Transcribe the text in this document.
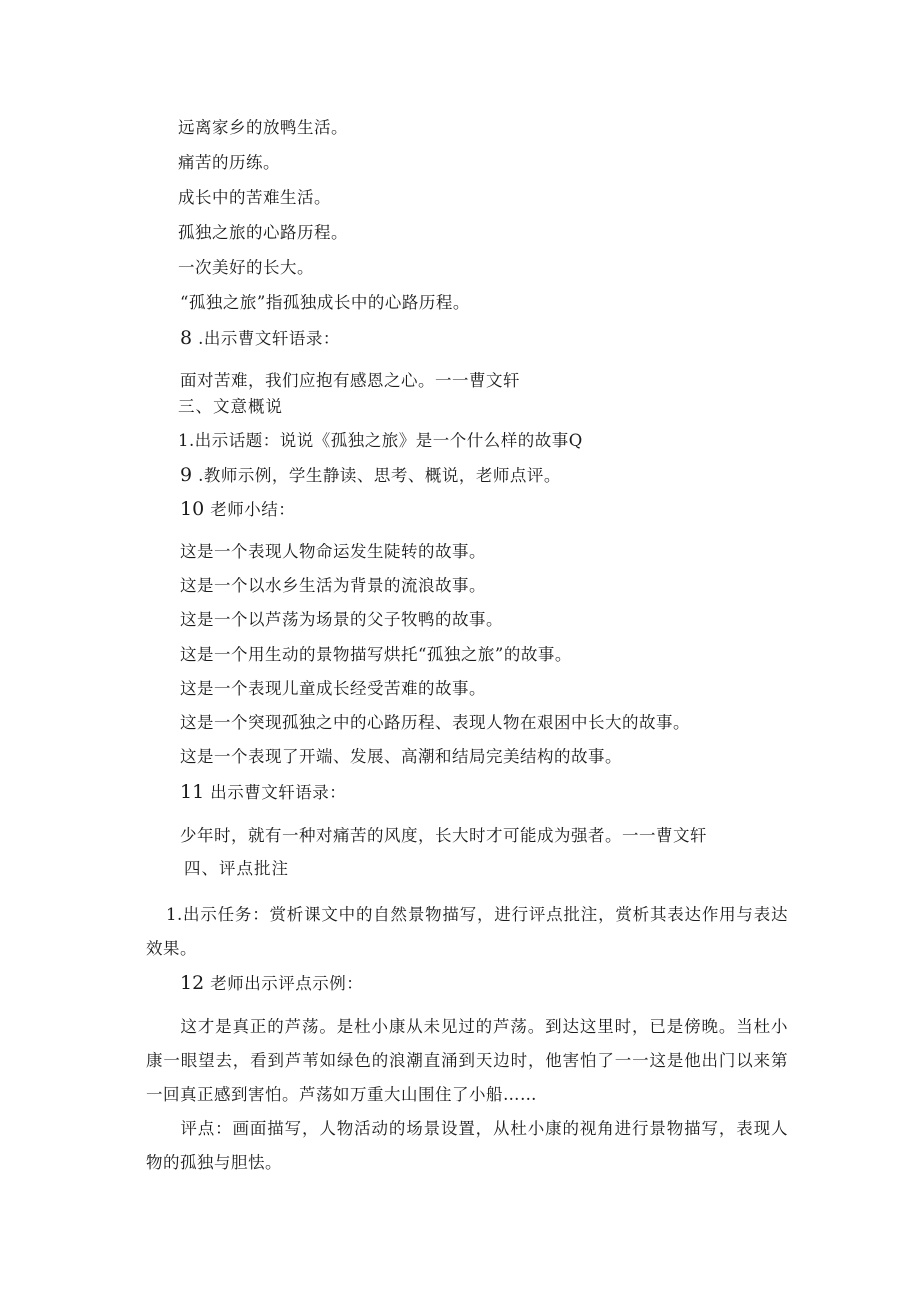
远离家乡的放鸭生活。
痛苦的历练。
成长中的苦难生活。
孤独之旅的心路历程。
一次美好的长大。
“孤独之旅”指孤独成长中的心路历程。
8 .出示曹文轩语录：
面对苦难，我们应抱有感恩之心。一一曹文轩
三、文意概说
1.出示话题：说说《孤独之旅》是一个什么样的故事Q
9 .教师示例，学生静读、思考、概说，老师点评。
10 老师小结：
这是一个表现人物命运发生陡转的故事。
这是一个以水乡生活为背景的流浪故事。
这是一个以芦荡为场景的父子牧鸭的故事。
这是一个用生动的景物描写烘托“孤独之旅”的故事。
这是一个表现儿童成长经受苦难的故事。
这是一个突现孤独之中的心路历程、表现人物在艰困中长大的故事。
这是一个表现了开端、发展、高潮和结局完美结构的故事。
11 出示曹文轩语录：
少年时，就有一种对痛苦的风度，长大时才可能成为强者。一一曹文轩
四、评点批注
1.出示任务：赏析课文中的自然景物描写，进行评点批注，赏析其表达作用与表达效果。
12 老师出示评点示例：
这才是真正的芦荡。是杜小康从未见过的芦荡。到达这里时，已是傍晚。当杜小康一眼望去，看到芦苇如绿色的浪潮直涌到天边时，他害怕了一一这是他出门以来第一回真正感到害怕。芦荡如万重大山围住了小船……
评点：画面描写，人物活动的场景设置，从杜小康的视角进行景物描写，表现人物的孤独与胆怯。
